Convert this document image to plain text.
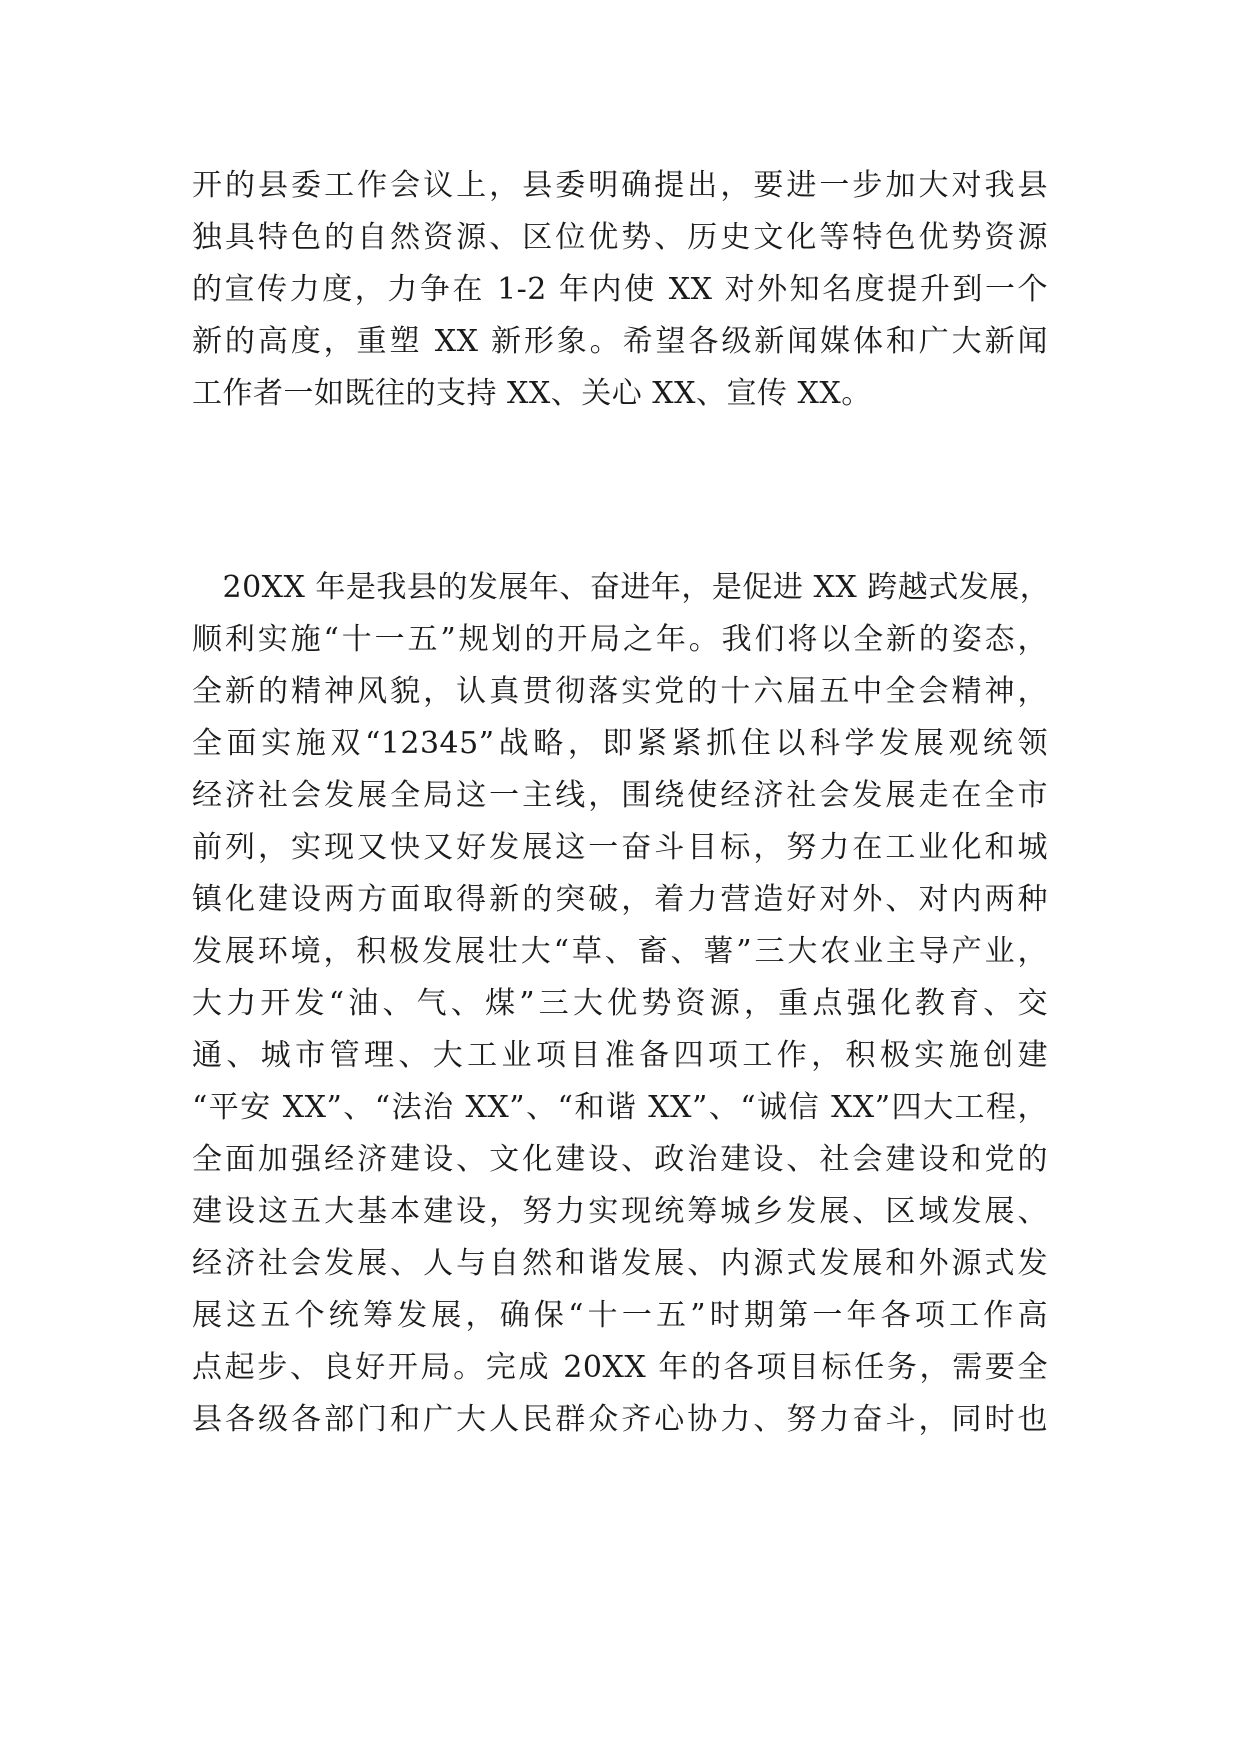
开的县委工作会议上，县委明确提出，要进一步加大对我县
独具特色的自然资源、区位优势、历史文化等特色优势资源
的宣传力度，力争在 1-2 年内使 XX 对外知名度提升到一个
新的高度，重塑 XX 新形象。希望各级新闻媒体和广大新闻
工作者一如既往的支持 XX、关心 XX、宣传 XX。
　20XX 年是我县的发展年、奋进年，是促进 XX 跨越式发展，
顺利实施“十一五”规划的开局之年。我们将以全新的姿态，
全新的精神风貌，认真贯彻落实党的十六届五中全会精神，
全面实施双“12345”战略，即紧紧抓住以科学发展观统领
经济社会发展全局这一主线，围绕使经济社会发展走在全市
前列，实现又快又好发展这一奋斗目标，努力在工业化和城
镇化建设两方面取得新的突破，着力营造好对外、对内两种
发展环境，积极发展壮大“草、畜、薯”三大农业主导产业，
大力开发“油、气、煤”三大优势资源，重点强化教育、交
通、城市管理、大工业项目准备四项工作，积极实施创建
“平安 XX”、“法治 XX”、“和谐 XX”、“诚信 XX”四大工程，
全面加强经济建设、文化建设、政治建设、社会建设和党的
建设这五大基本建设，努力实现统筹城乡发展、区域发展、
经济社会发展、人与自然和谐发展、内源式发展和外源式发
展这五个统筹发展，确保“十一五”时期第一年各项工作高
点起步、良好开局。完成 20XX 年的各项目标任务，需要全
县各级各部门和广大人民群众齐心协力、努力奋斗，同时也
